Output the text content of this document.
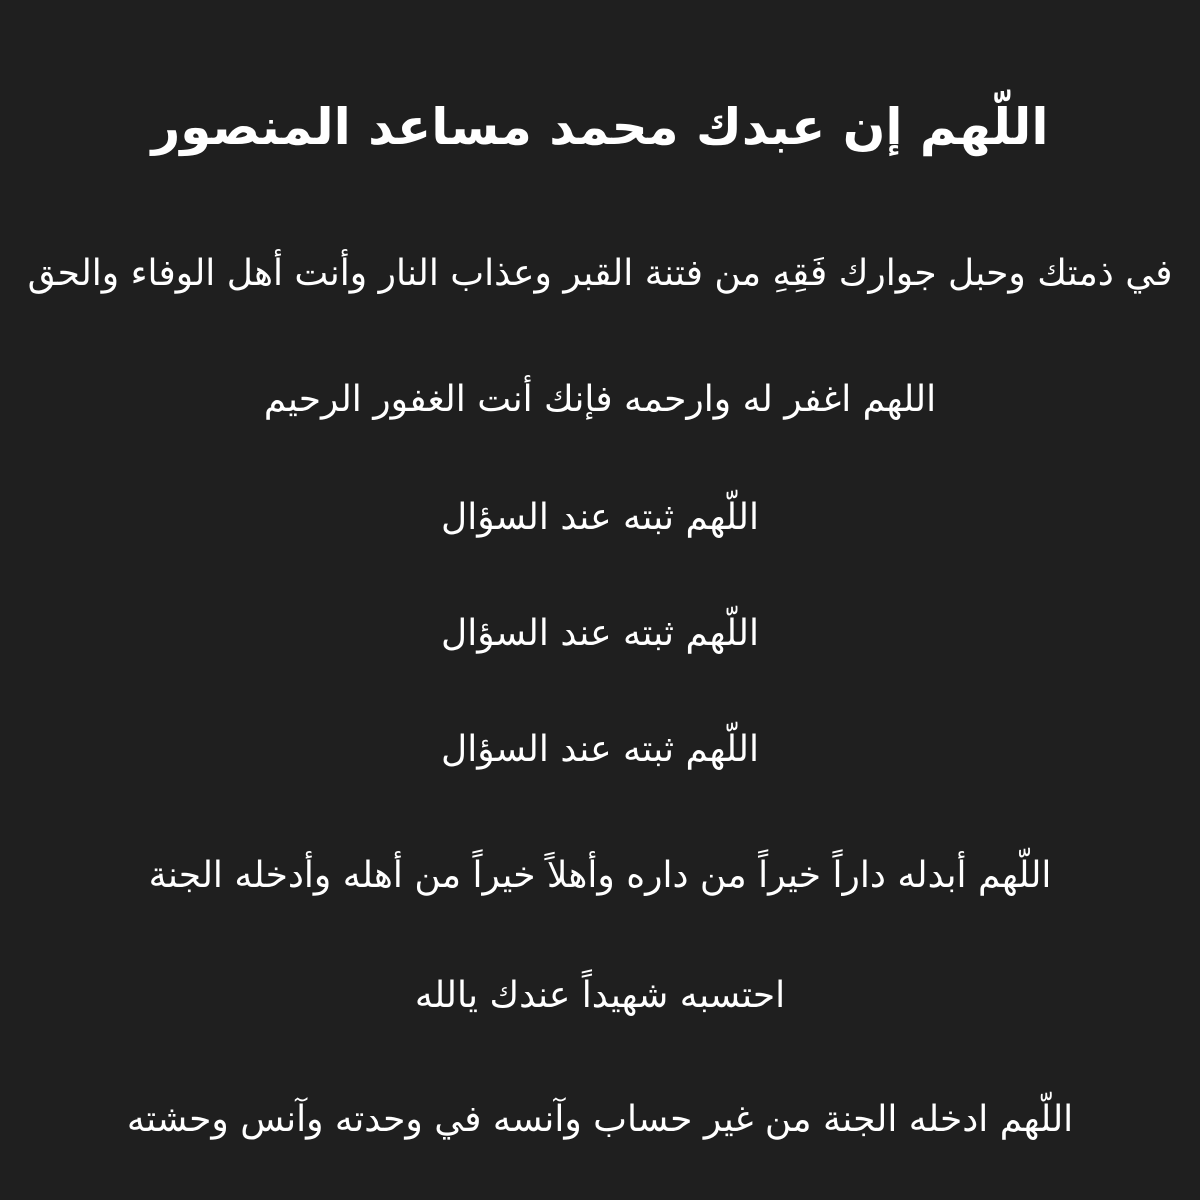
اللّهم إن عبدك محمد مساعد المنصور
في ذمتك وحبل جوارك فَقِهِ من فتنة القبر وعذاب النار وأنت أهل الوفاء والحق
اللهم اغفر له وارحمه فإنك أنت الغفور الرحيم
اللّهم ثبته عند السؤال
اللّهم ثبته عند السؤال
اللّهم ثبته عند السؤال
اللّهم أبدله داراً خيراً من داره وأهلاً خيراً من أهله وأدخله الجنة
احتسبه شهيداً عندك يالله
اللّهم ادخله الجنة من غير حساب وآنسه في وحدته وآنس وحشته
